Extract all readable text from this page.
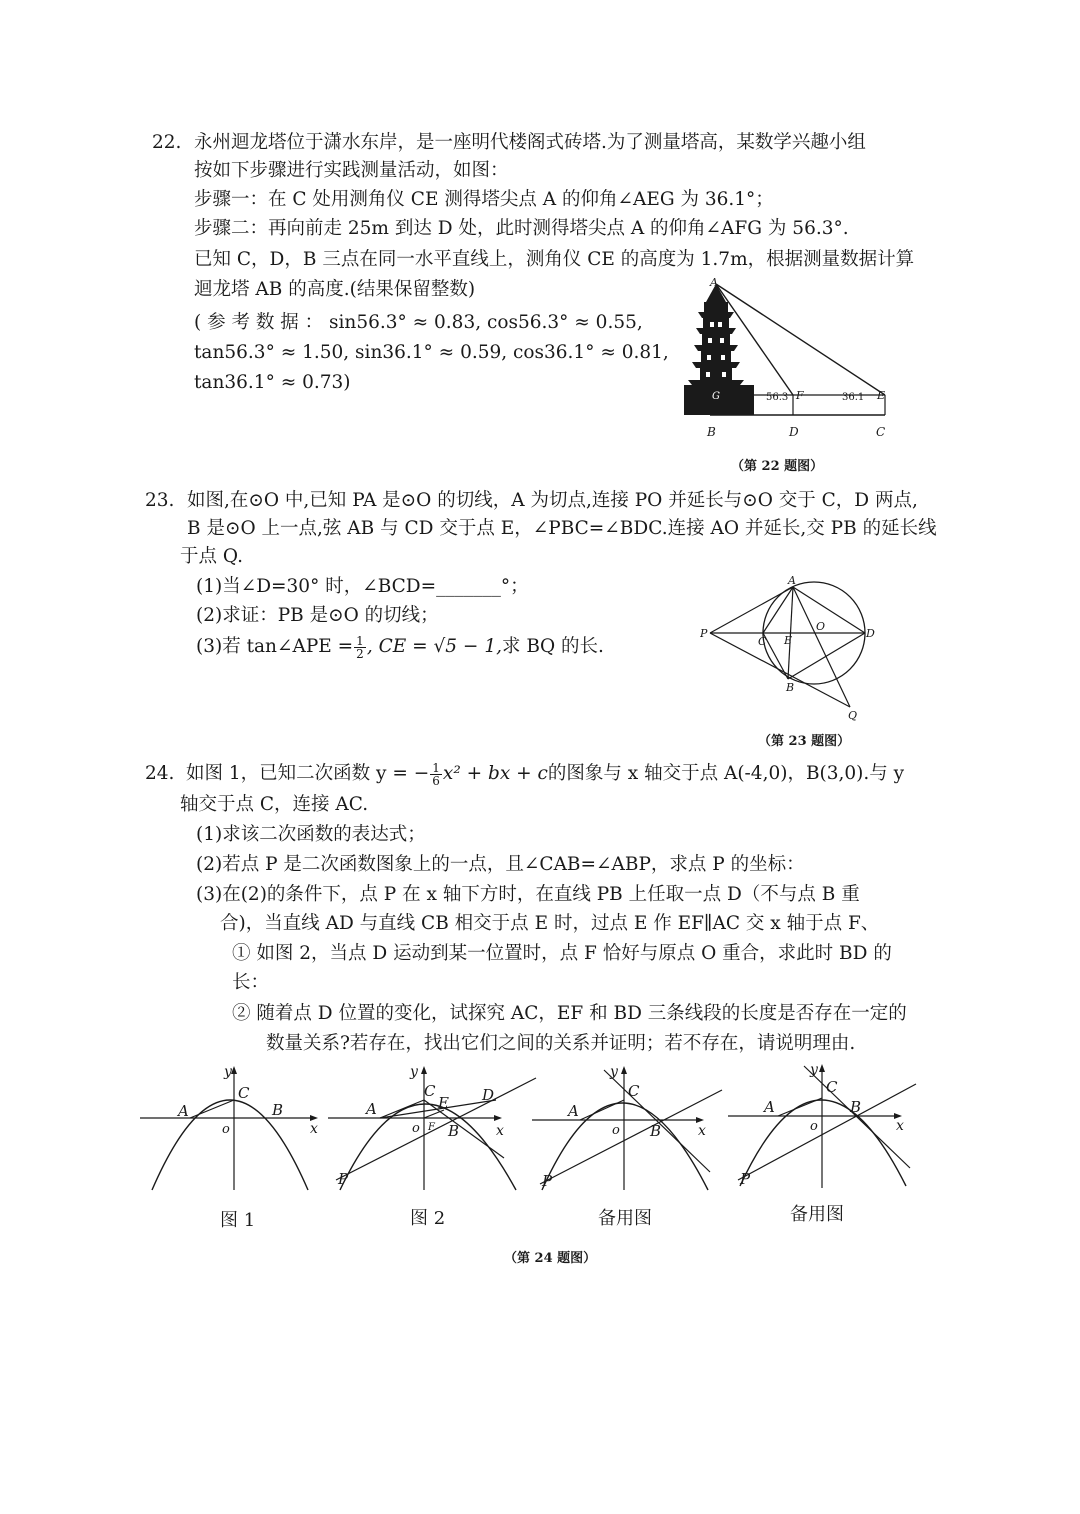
22. 永州迴龙塔位于潇水东岸，是一座明代楼阁式砖塔.为了测量塔高，某数学兴趣小组
按如下步骤进行实践测量活动，如图：
步骤一：在 C 处用测角仪 CE 测得塔尖点 A 的仰角∠AEG 为 36.1°；
步骤二：再向前走 25m 到达 D 处，此时测得塔尖点 A 的仰角∠AFG 为 56.3°.
已知 C，D，B 三点在同一水平直线上，测角仪 CE 的高度为 1.7m，根据测量数据计算
迴龙塔 AB 的高度.(结果保留整数)
( 参 考 数 据 ： sin56.3° ≈ 0.83, cos56.3° ≈ 0.55,
tan56.3° ≈ 1.50, sin36.1° ≈ 0.59, cos36.1° ≈ 0.81,
tan36.1° ≈ 0.73)
A
B	D	C
F	E
G	56.3	36.1
（第 22 题图）
23. 如图,在⊙O 中,已知 PA 是⊙O 的切线，A 为切点,连接 PO 并延长与⊙O 交于 C，D 两点,
B 是⊙O 上一点,弦 AB 与 CD 交于点 E，∠PBC=∠BDC.连接 AO 并延长,交 PB 的延长线
于点 Q.
(1)当∠D=30° 时，∠BCD=_______°；
(2)求证：PB 是⊙O 的切线；
(3)若 tan∠APE = $\frac{1}{2}$ , CE = √5 − 1,求 BQ 的长.
A
P
C E
O
D
B
Q
（第 23 题图）
24. 如图 1，已知二次函数 y = − $\frac{1}{6} x^2$ + bx + c的图象与 x 轴交于点 A(-4,0)，B(3,0).与 y
轴交于点 C，连接 AC.
(1)求该二次函数的表达式；
(2)若点 P 是二次函数图象上的一点，且∠CAB=∠ABP，求点 P 的坐标：
(3)在(2)的条件下，点 P 在 x 轴下方时，在直线 PB 上任取一点 D（不与点 B 重
合)，当直线 AD 与直线 CB 相交于点 E 时，过点 E 作 EF∥AC 交 x 轴于点 F、
① 如图 2，当点 D 运动到某一位置时，点 F 恰好与原点 O 重合，求此时 BD 的
长：
② 随着点 D 位置的变化，试探究 AC，EF 和 BD 三条线段的长度是否存在一定的
数量关系?若存在，找出它们之间的关系并证明；若不存在，请说明理由.
y
x
o
A
C
B
y
x
o
A
C
E D
B
F
P
y
x
o
A
C
B
P
y
x
o
A
C
B
P
图 1	图 2	备用图	备用图
（第 24 题图）
